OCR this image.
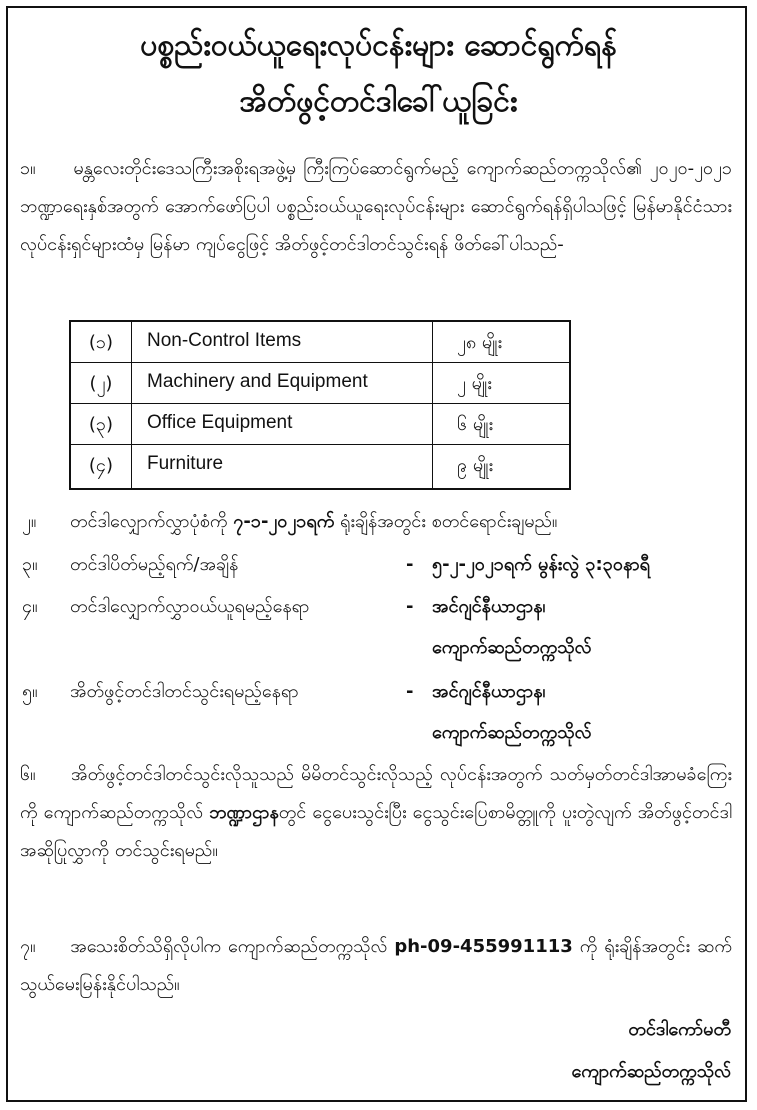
ပစ္စည်းဝယ်ယူရေးလုပ်ငန်းများ ဆောင်ရွက်ရန်
အိတ်ဖွင့်တင်ဒါခေါ်ယူခြင်း
၁။ မန္တလေးတိုင်းဒေသကြီးအစိုးရအဖွဲ့မှ ကြီးကြပ်ဆောင်ရွက်မည့် ကျောက်ဆည်တက္ကသိုလ်၏ ၂၀၂၀-၂၀၂၁ ဘဏ္ဍာရေးနှစ်အတွက် အောက်ဖော်ပြပါ ပစ္စည်းဝယ်ယူရေးလုပ်ငန်းများ ဆောင်ရွက်ရန်ရှိပါသဖြင့် မြန်မာနိုင်ငံသားလုပ်ငန်းရှင်များထံမှ မြန်မာ ကျပ်ငွေဖြင့် အိတ်ဖွင့်တင်ဒါတင်သွင်းရန် ဖိတ်ခေါ်ပါသည်-
(၁)	Non-Control Items	၂၈ မျိုး
(၂)	Machinery and Equipment	၂ မျိုး
(၃)	Office Equipment	၆ မျိုး
(၄)	Furniture	၉ မျိုး
၂။ တင်ဒါလျှောက်လွှာပုံစံကို ၇-၁-၂၀၂၁ရက် ရုံးချိန်အတွင်း စတင်ရောင်းချမည်။
၃။ တင်ဒါပိတ်မည့်ရက်/အချိန်	- ၅-၂-၂၀၂၁ရက် မွန်းလွဲ ၃:၃၀နာရီ
၄။ တင်ဒါလျှောက်လွှာဝယ်ယူရမည့်နေရာ	- အင်ဂျင်နီယာဌာန၊
ကျောက်ဆည်တက္ကသိုလ်
၅။ အိတ်ဖွင့်တင်ဒါတင်သွင်းရမည့်နေရာ	- အင်ဂျင်နီယာဌာန၊
ကျောက်ဆည်တက္ကသိုလ်
၆။ အိတ်ဖွင့်တင်ဒါတင်သွင်းလိုသူသည် မိမိတင်သွင်းလိုသည့် လုပ်ငန်းအတွက် သတ်မှတ်တင်ဒါအာမခံကြေးကို ကျောက်ဆည်တက္ကသိုလ် ဘဏ္ဍာဌာနတွင် ငွေပေးသွင်းပြီး ငွေသွင်းပြေစာမိတ္တူကို ပူးတွဲလျက် အိတ်ဖွင့်တင်ဒါအဆိုပြုလွှာကို တင်သွင်းရမည်။
၇။ အသေးစိတ်သိရှိလိုပါက ကျောက်ဆည်တက္ကသိုလ် ph-09-455991113 ကို ရုံးချိန်အတွင်း ဆက်သွယ်မေးမြန်းနိုင်ပါသည်။
တင်ဒါကော်မတီ
ကျောက်ဆည်တက္ကသိုလ်
